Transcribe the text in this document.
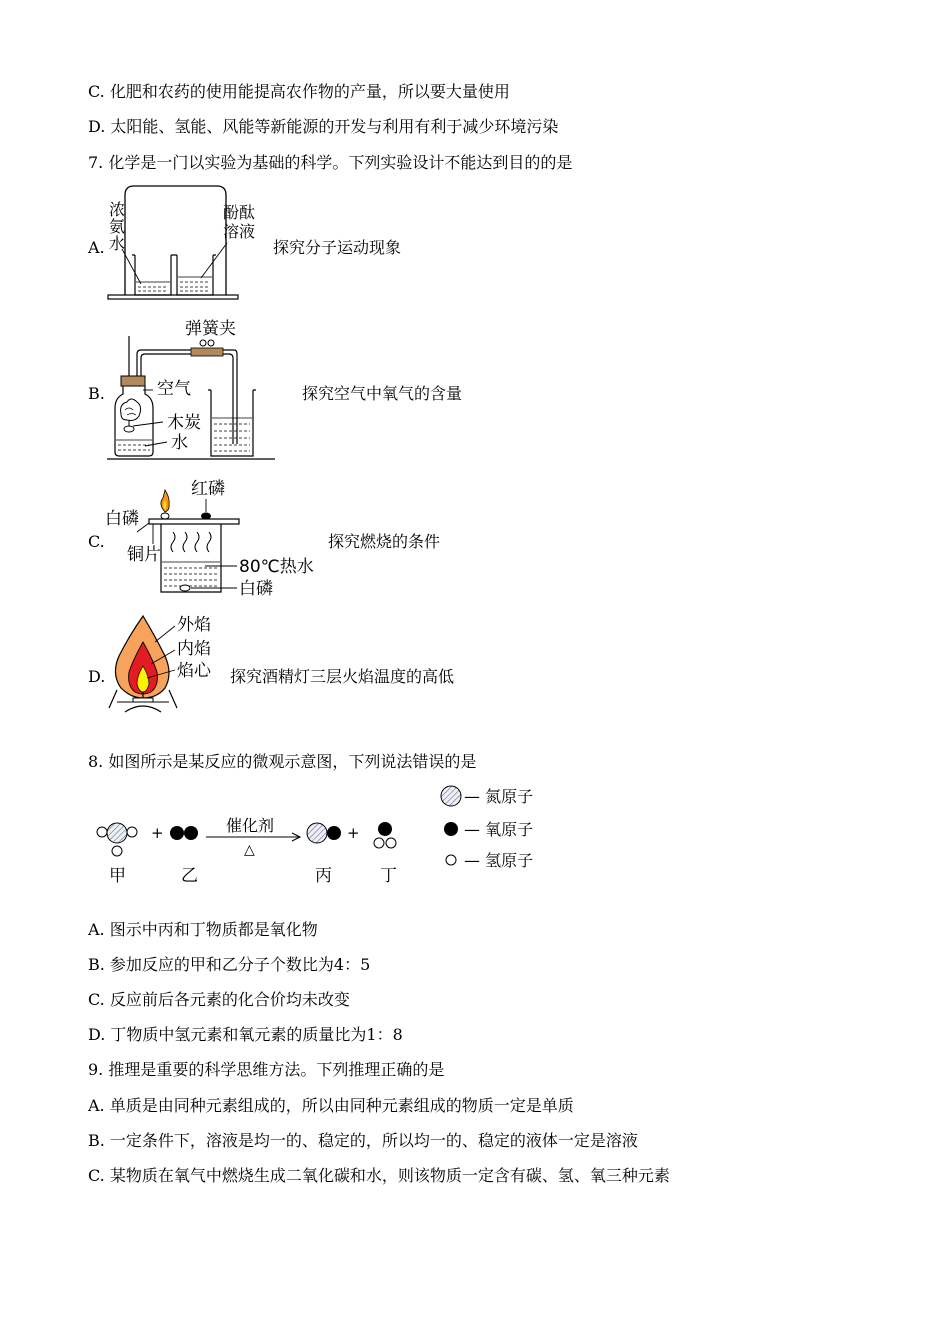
C. 化肥和农药的使用能提高农作物的产量，所以要大量使用
D. 太阳能、氢能、风能等新能源的开发与利用有利于减少环境污染
7. 化学是一门以实验为基础的科学。下列实验设计不能达到目的的是
A.
浓
氨
水
酚酞
溶液
探究分子运动现象
B.
弹簧夹
空气
木炭
水
探究空气中氧气的含量
C.
红磷
白磷
铜片
80℃热水
白磷
探究燃烧的条件
D.
外焰
内焰
焰心 探究酒精灯三层火焰温度的高低
8. 如图所示是某反应的微观示意图，下列说法错误的是
+	催化剂
△
+
甲	乙	丙	丁
— 氮原子
— 氧原子
— 氢原子
A. 图示中丙和丁物质都是氧化物
B. 参加反应的甲和乙分子个数比为4：5
C. 反应前后各元素的化合价均未改变
D. 丁物质中氢元素和氧元素的质量比为1：8
9. 推理是重要的科学思维方法。下列推理正确的是
A. 单质是由同种元素组成的，所以由同种元素组成的物质一定是单质
B. 一定条件下，溶液是均一的、稳定的，所以均一的、稳定的液体一定是溶液
C. 某物质在氧气中燃烧生成二氧化碳和水，则该物质一定含有碳、氢、氧三种元素
